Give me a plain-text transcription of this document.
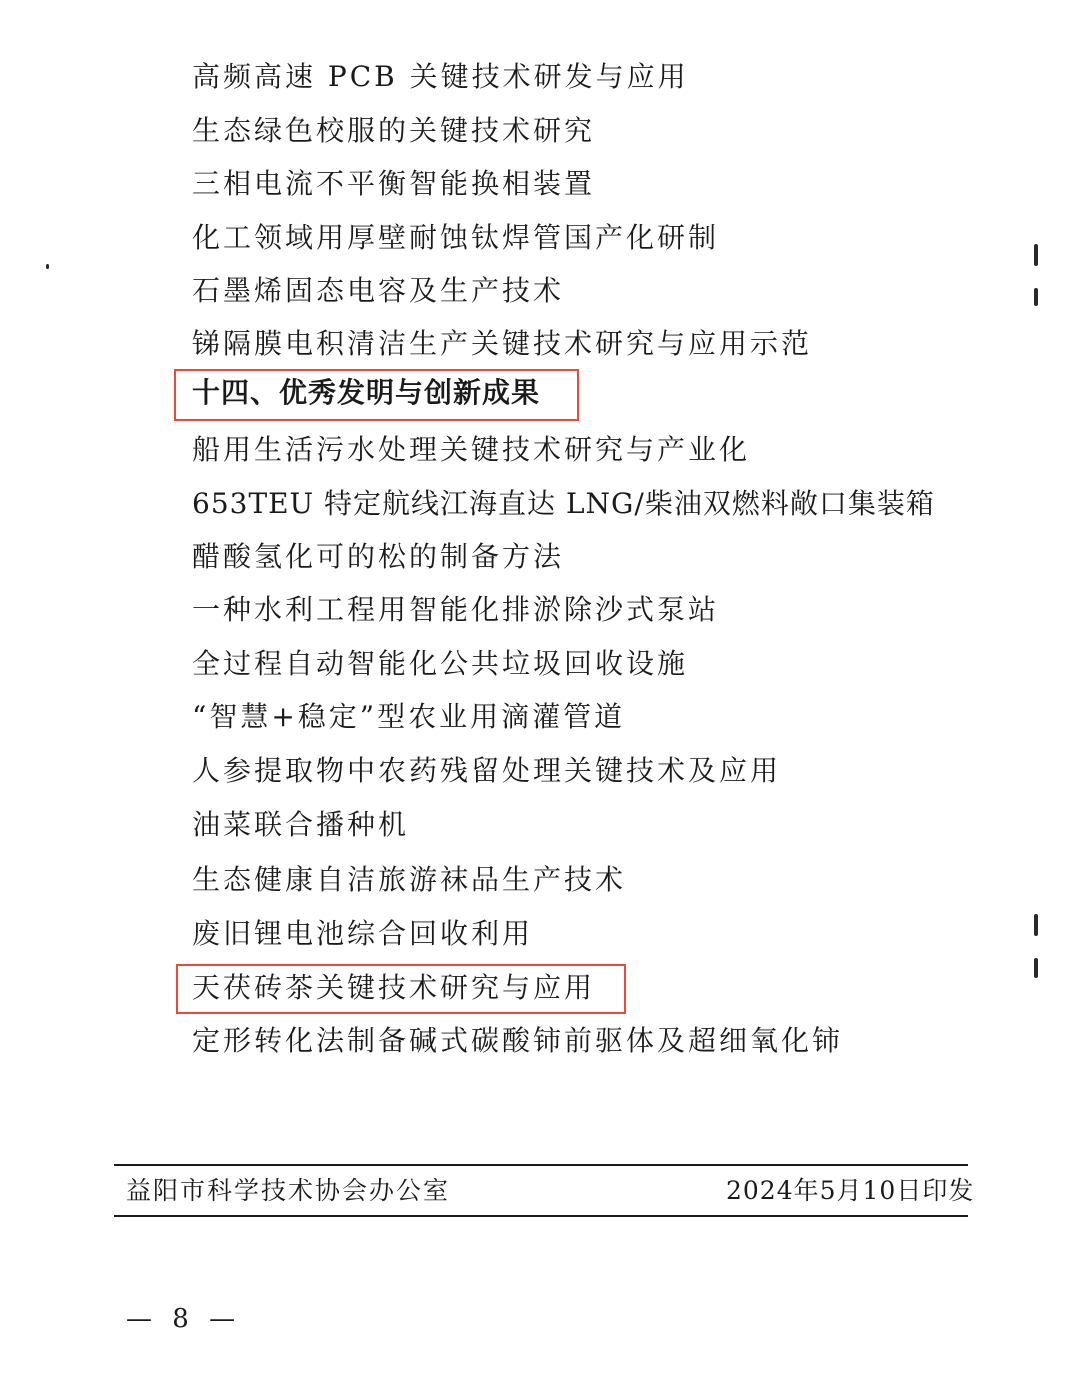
高频高速 PCB 关键技术研发与应用
生态绿色校服的关键技术研究
三相电流不平衡智能换相装置
化工领域用厚壁耐蚀钛焊管国产化研制
石墨烯固态电容及生产技术
锑隔膜电积清洁生产关键技术研究与应用示范
十四、优秀发明与创新成果
船用生活污水处理关键技术研究与产业化
653TEU 特定航线江海直达 LNG/柴油双燃料敞口集装箱
醋酸氢化可的松的制备方法
一种水利工程用智能化排淤除沙式泵站
全过程自动智能化公共垃圾回收设施
“智慧+稳定”型农业用滴灌管道
人参提取物中农药残留处理关键技术及应用
油菜联合播种机
生态健康自洁旅游袜品生产技术
废旧锂电池综合回收利用
天茯砖茶关键技术研究与应用
定形转化法制备碱式碳酸铈前驱体及超细氧化铈
益阳市科学技术协会办公室	2024年5月10日印发
— 8 —
